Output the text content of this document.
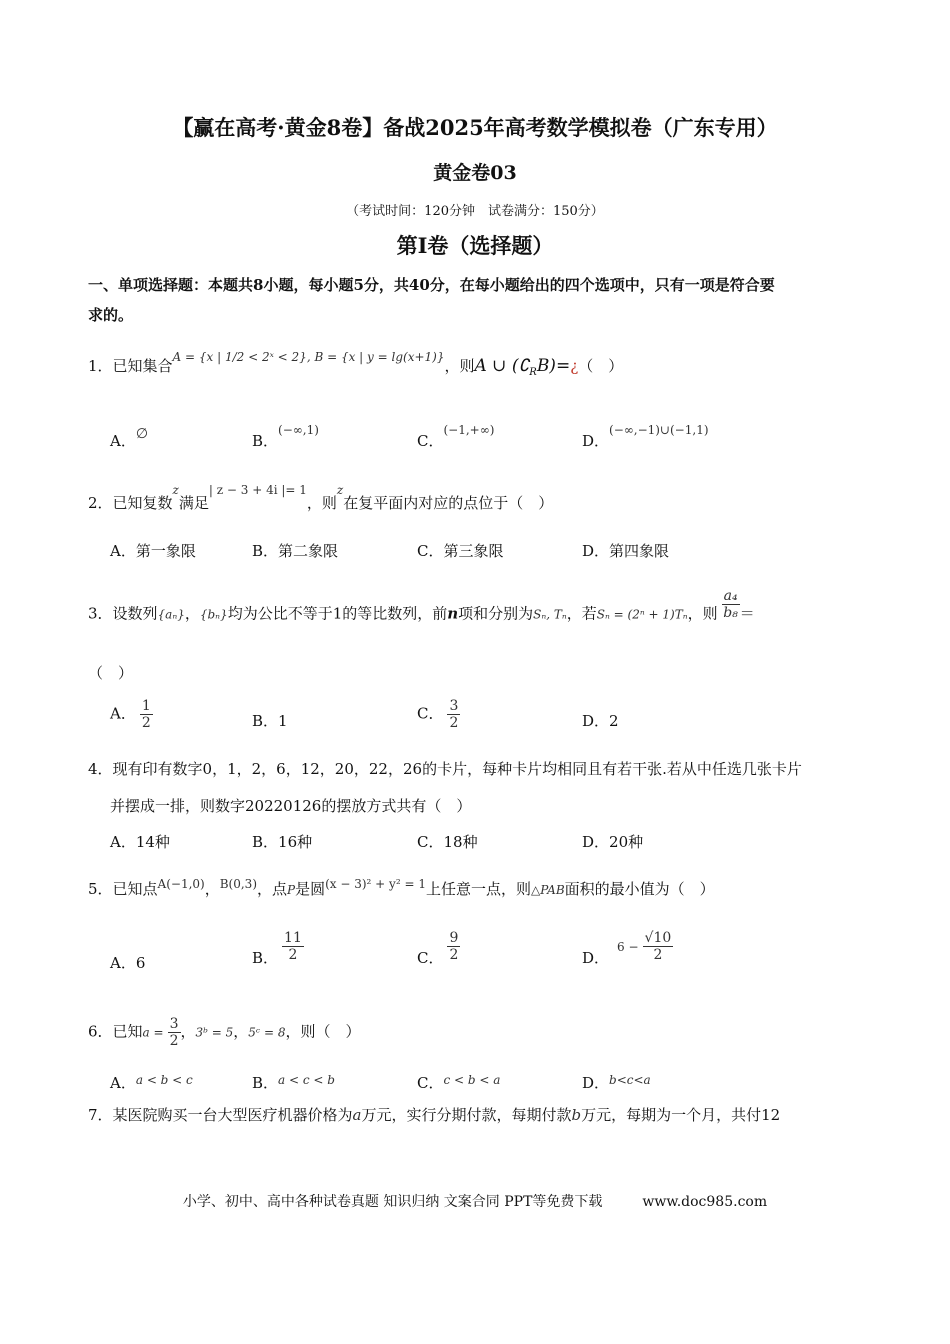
【赢在高考·黄金8卷】备战2025年高考数学模拟卷（广东专用）
黄金卷03
（考试时间：120分钟　试卷满分：150分）
第I卷（选择题）
一、单项选择题：本题共8小题，每小题5分，共40分，在每小题给出的四个选项中，只有一项是符合要
求的。
1．已知集合$^{A = \{x | 1/2 < 2ˣ < 2\}, B = \{x | y = lg(x+1)\}}$，则A ∪ $(∁_RB)=¿$（　）
A．∅	B．$^{(-\infty,1)}$
C．$^{(-1,+\infty)}$
D．$^{(-\infty,-1)\cup(-1,1)}$
2．已知复数$^z$满足$^{| z - 3 + 4i |= 1}$，则$^z$在复平面内对应的点位于（　）
A．第一象限	B．第二象限	C．第三象限	D．第四象限
3．设数列{aₙ}，{bₙ}均为公比不等于1的等比数列，前n项和分别为Sₙ, Tₙ，若Sₙ = (2ⁿ + 1)Tₙ，则 $\frac{\text{a₄}}{\text{b₈}}$ ＝
（　）
A． $\frac{1}{2}$	B．1	C． $\frac{3}{2}$	D．2
4．现有印有数字0，1，2，6，12，20，22，26的卡片，每种卡片均相同且有若干张.若从中任选几张卡片
并摆成一排，则数字20220126的摆放方式共有（　）
A．14种	B．16种	C．18种	D．20种
5．已知点$^{A(-1,0)}$，$^{B(0,3)}$，点P是圆$^{(x - 3)^2 + y^2 = 1}$上任意一点，则△PAB面积的最小值为（　）
A．6	B． $\frac{11}{2}$	C． $\frac{9}{2}$	D．$6 - \frac{√10}{2}$
6．已知$a = \frac{3}{2}$ ，3ᵇ = 5，5ᶜ = 8，则（　）
A．$^{a < b < c}$	B．$^{a < c < b}$	C．$^{c < b < a}$	D．$^{b<c<a}$
7．某医院购买一台大型医疗机器价格为a万元，实行分期付款，每期付款b万元，每期为一个月，共付12
小学、初中、高中各种试卷真题 知识归纳 文案合同 PPT等免费下载	www.doc985.com
